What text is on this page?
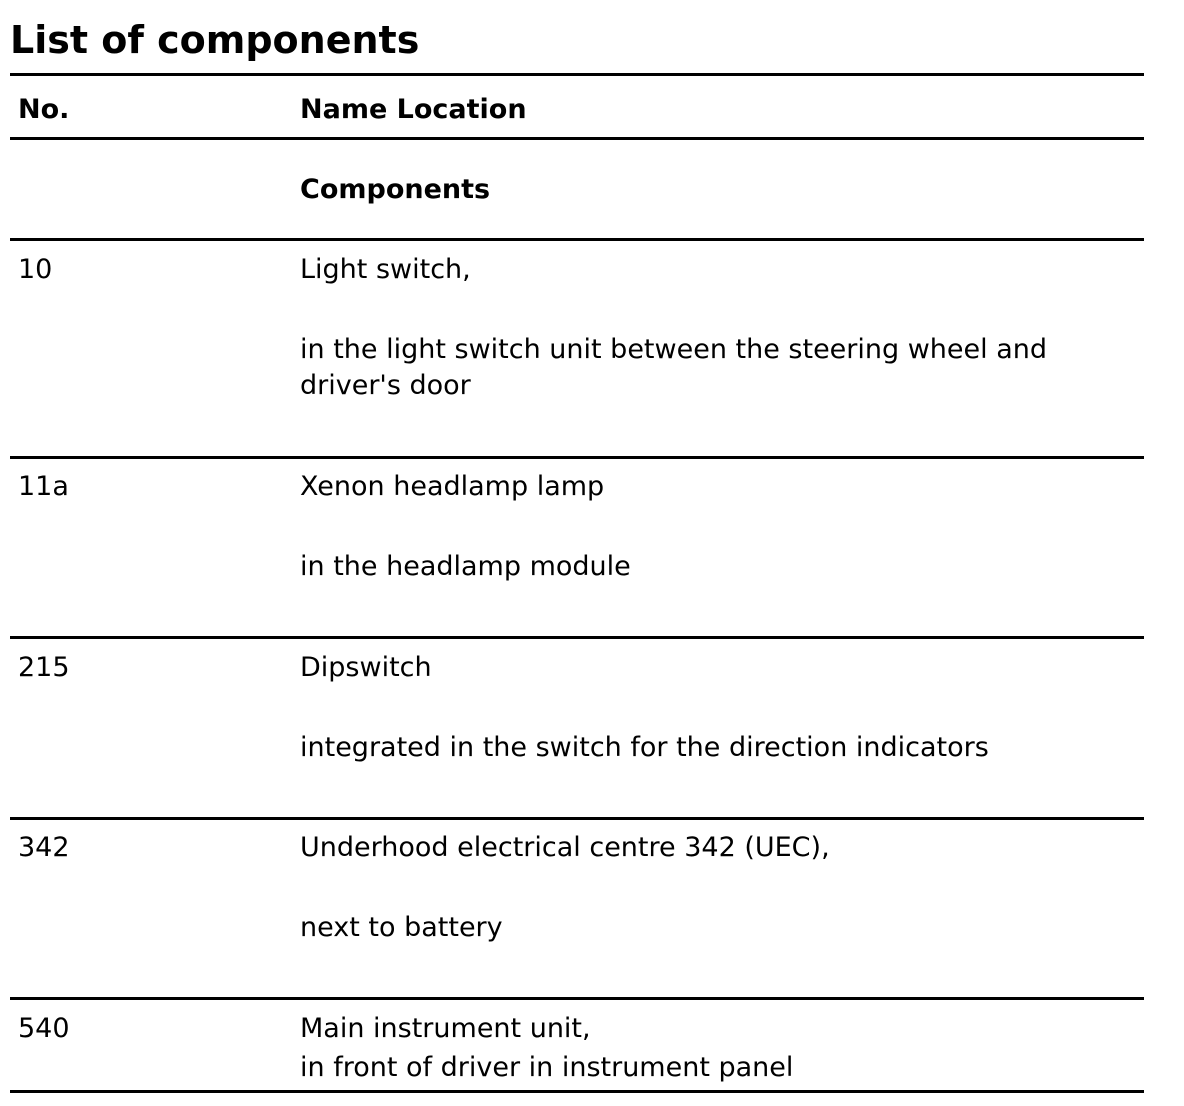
List of components
No.	Name Location
Components
10	Light switch,
in the light switch unit between the steering wheel and
driver's door
11a	Xenon headlamp lamp
in the headlamp module
215	Dipswitch
integrated in the switch for the direction indicators
342	Underhood electrical centre 342 (UEC),
next to battery
540	Main instrument unit,
in front of driver in instrument panel
